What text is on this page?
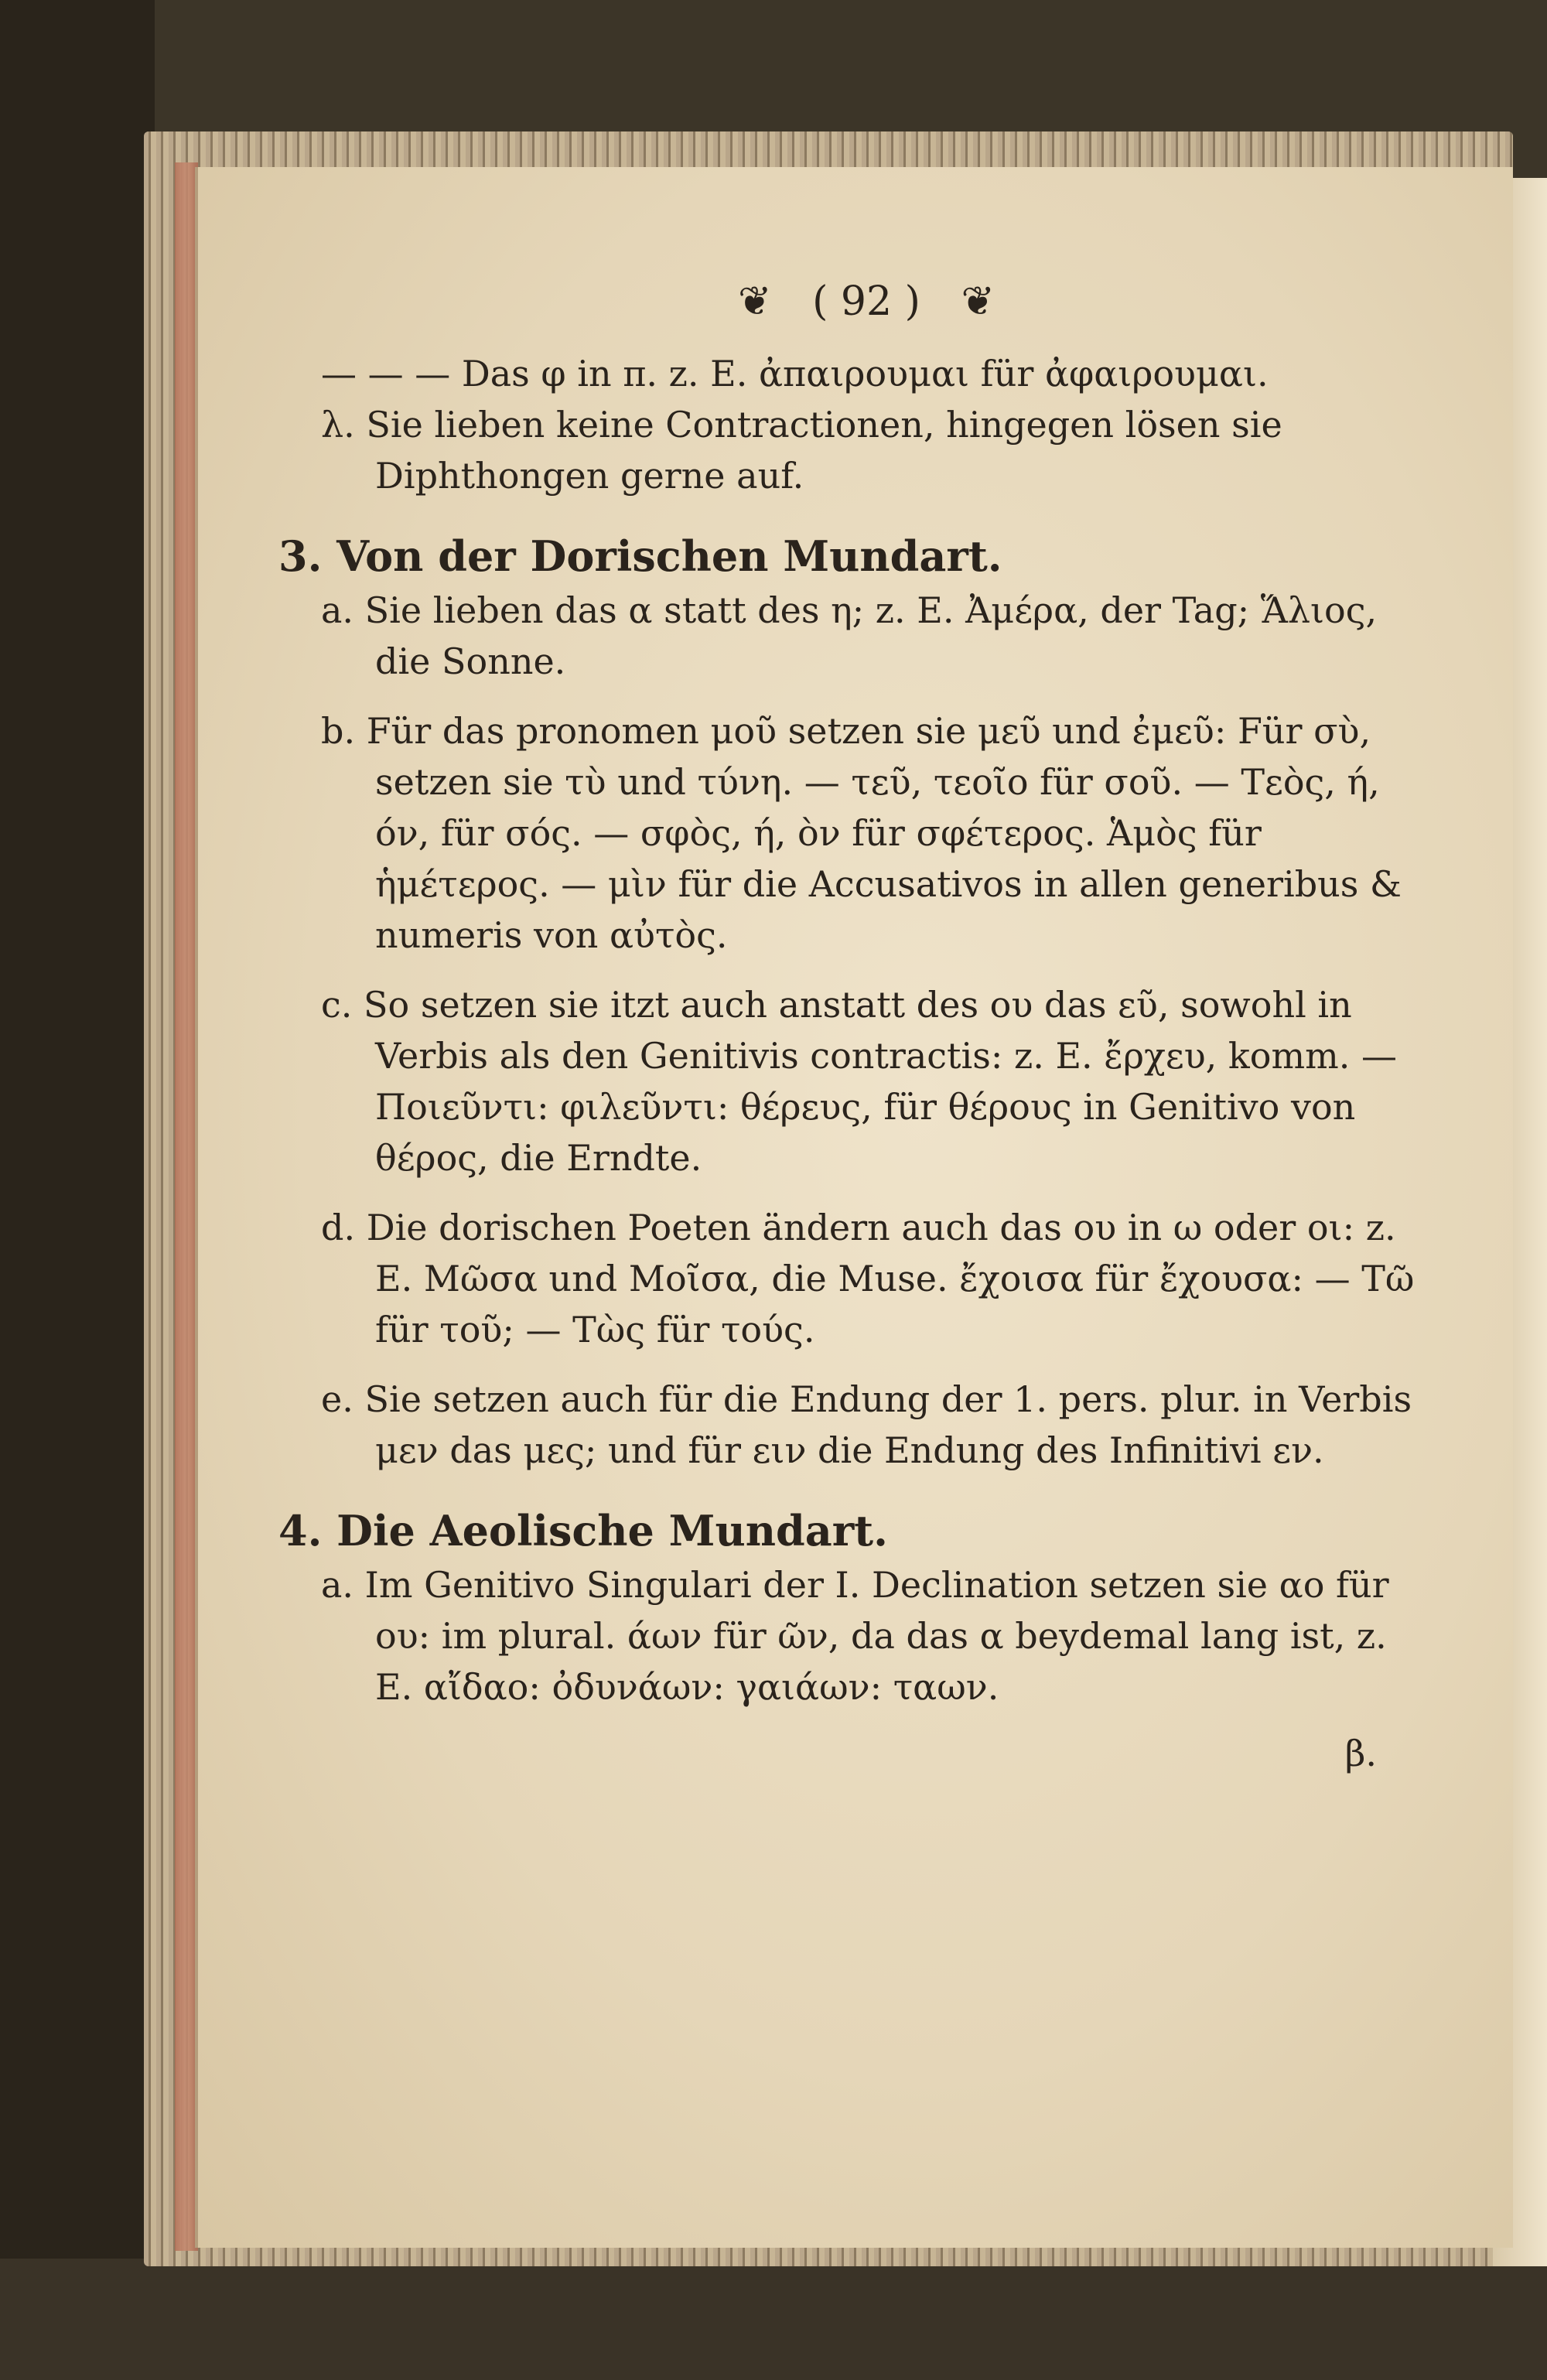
❦ ( 92 ) ❦

— — — Das φ in π. z. E. ἀπαιρουμαι für ἀφαιρουμαι.

λ. Sie lieben keine Contractionen, hingegen lösen sie Diphthongen gerne auf.

3. Von der Dorischen Mundart.

a. Sie lieben das α statt des η; z. E. Ἀμέρα, der Tag; Ἅλιος, die Sonne.

b. Für das pronomen μοῦ setzen sie μεῦ und ἐμεῦ: Für σὺ, setzen sie τὺ und τύνη. — τεῦ, τεοῖο für σοῦ. — Τεὸς, ή, όν, für σός. — σφὸς, ή, ὸν für σφέτερος. Ἁμὸς für ἡμέτερος. — μὶν für die Accusativos in allen generibus & numeris von αὐτὸς.

c. So setzen sie itzt auch anstatt des ου das εῦ, sowohl in Verbis als den Genitivis contractis: z. E. ἔρχευ, komm. — Ποιεῦντι: φιλεῦντι: θέρευς, für θέρους in Genitivo von θέρος, die Erndte.

d. Die dorischen Poeten ändern auch das ου in ω oder οι: z. E. Μῶσα und Μοῖσα, die Muse. ἔχοισα für ἔχουσα: — Τῶ für τοῦ; — Τὼς für τούς.

e. Sie setzen auch für die Endung der 1. pers. plur. in Verbis μεν das μες; und für ειν die Endung des Infinitivi εν.

4. Die Aeolische Mundart.

a. Im Genitivo Singulari der I. Declination setzen sie αο für ου: im plural. άων für ῶν, da das α beydemal lang ist, z. E. αἴδαο: ὀδυνάων: γαιάων: ταων.

β.
